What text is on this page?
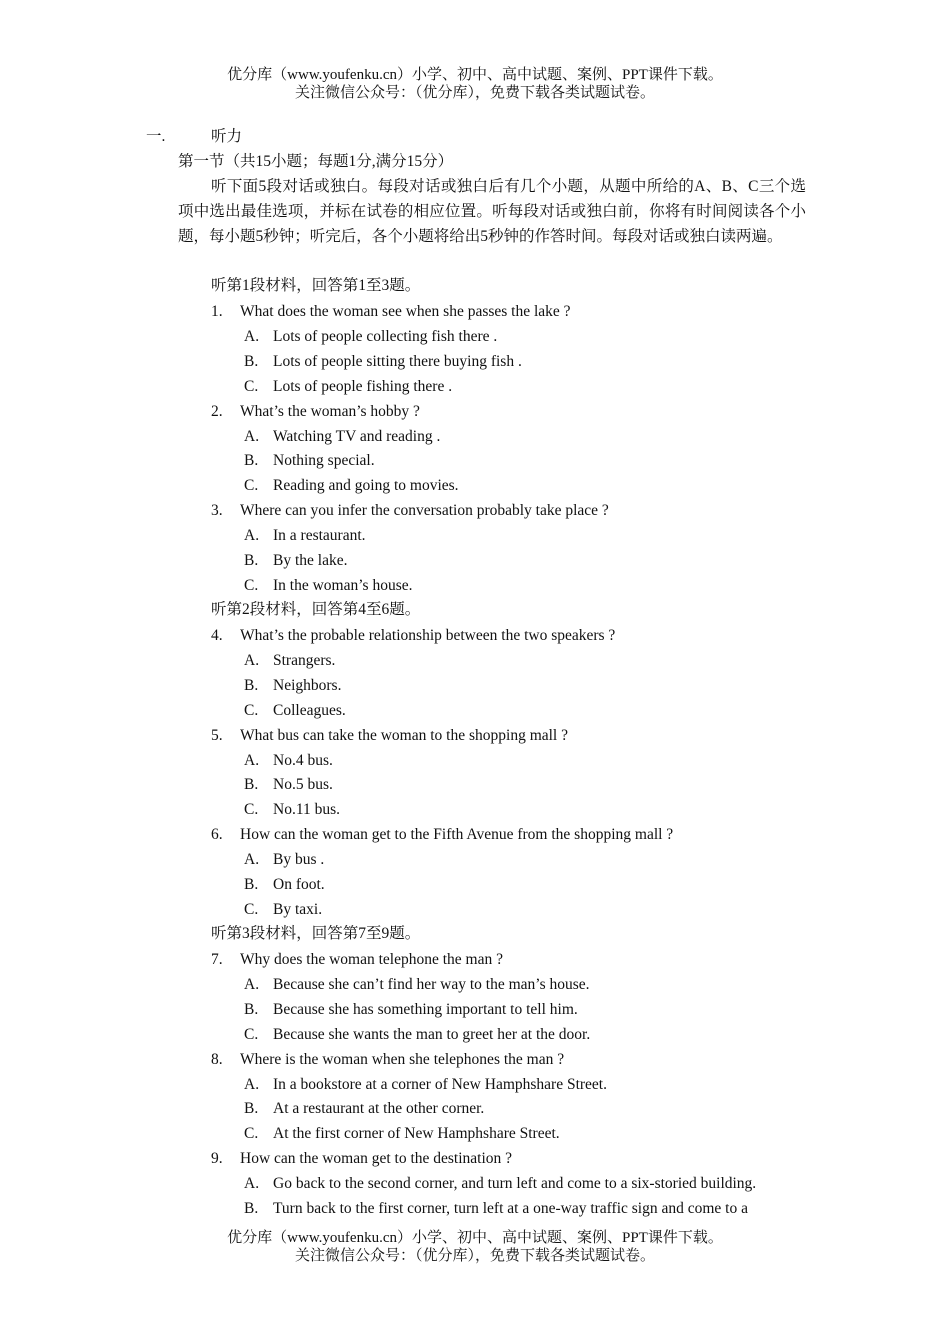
优分库（www.youfenku.cn）小学、初中、高中试题、案例、PPT课件下载。
关注微信公众号：（优分库），免费下载各类试题试卷。
一.	听力
第一节（共15小题；每题1分,满分15分）
听下面5段对话或独白。每段对话或独白后有几个小题，从题中所给的A、B、C三个选项中选出最佳选项，并标在试卷的相应位置。听每段对话或独白前，你将有时间阅读各个小题，每小题5秒钟；听完后，各个小题将给出5秒钟的作答时间。每段对话或独白读两遍。
听第1段材料，回答第1至3题。
1. What does the woman see when she passes the lake ?
A. Lots of people collecting fish there .
B. Lots of people sitting there buying fish .
C. Lots of people fishing there .
2. What’s the woman’s hobby ?
A. Watching TV and reading .
B. Nothing special.
C. Reading and going to movies.
3. Where can you infer the conversation probably take place ?
A. In a restaurant.
B. By the lake.
C. In the woman’s house.
听第2段材料，回答第4至6题。
4. What’s the probable relationship between the two speakers ?
A. Strangers.
B. Neighbors.
C. Colleagues.
5. What bus can take the woman to the shopping mall ?
A. No.4 bus.
B. No.5 bus.
C. No.11 bus.
6. How can the woman get to the Fifth Avenue from the shopping mall ?
A. By bus .
B. On foot.
C. By taxi.
听第3段材料，回答第7至9题。
7. Why does the woman telephone the man ?
A. Because she can’t find her way to the man’s house.
B. Because she has something important to tell him.
C. Because she wants the man to greet her at the door.
8. Where is the woman when she telephones the man ?
A. In a bookstore at a corner of New Hamphshare Street.
B. At a restaurant at the other corner.
C. At the first corner of New Hamphshare Street.
9. How can the woman get to the destination ?
A. Go back to the second corner, and turn left and come to a six-storied building.
B. Turn back to the first corner, turn left at a one-way traffic sign and come to a
优分库（www.youfenku.cn）小学、初中、高中试题、案例、PPT课件下载。
关注微信公众号：（优分库），免费下载各类试题试卷。
